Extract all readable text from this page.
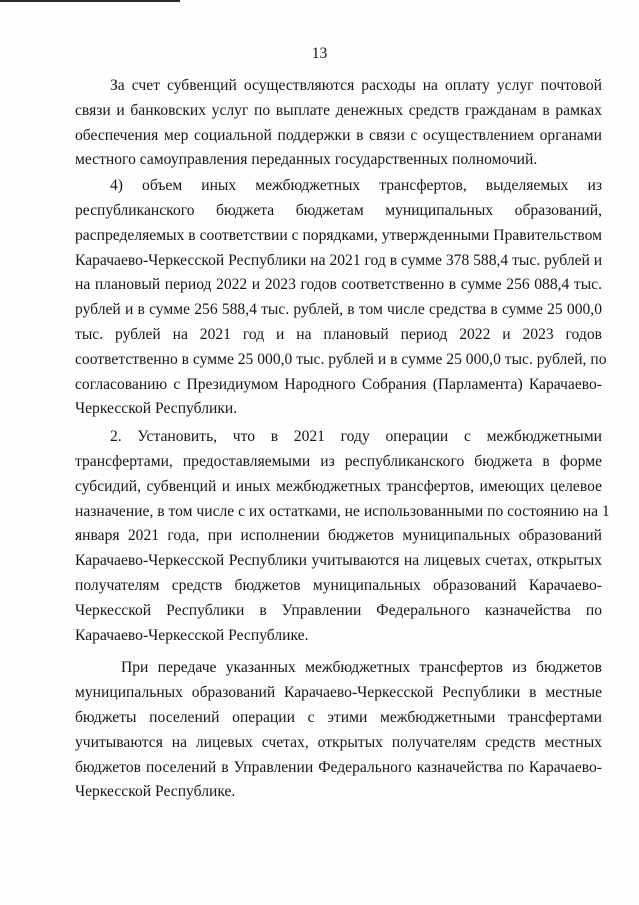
13
За счет субвенций осуществляются расходы на оплату услуг почтовой
связи и банковских услуг по выплате денежных средств гражданам в рамках
обеспечения мер социальной поддержки в связи с осуществлением органами
местного самоуправления переданных государственных полномочий.
4) объем иных межбюджетных трансфертов, выделяемых из
республиканского бюджета бюджетам муниципальных образований,
распределяемых в соответствии с порядками, утвержденными Правительством
Карачаево-Черкесской Республики на 2021 год в сумме 378 588,4 тыс. рублей и
на плановый период 2022 и 2023 годов соответственно в сумме 256 088,4 тыс.
рублей и в сумме 256 588,4 тыс. рублей, в том числе средства в сумме 25 000,0
тыс. рублей на 2021 год и на плановый период 2022 и 2023 годов
соответственно в сумме 25 000,0 тыс. рублей и в сумме 25 000,0 тыс. рублей, по
согласованию с Президиумом Народного Собрания (Парламента) Карачаево-
Черкесской Республики.
2. Установить, что в 2021 году операции с межбюджетными
трансфертами, предоставляемыми из республиканского бюджета в форме
субсидий, субвенций и иных межбюджетных трансфертов, имеющих целевое
назначение, в том числе с их остатками, не использованными по состоянию на 1
января 2021 года, при исполнении бюджетов муниципальных образований
Карачаево-Черкесской Республики учитываются на лицевых счетах, открытых
получателям средств бюджетов муниципальных образований Карачаево-
Черкесской Республики в Управлении Федерального казначейства по
Карачаево-Черкесской Республике.
При передаче указанных межбюджетных трансфертов из бюджетов
муниципальных образований Карачаево-Черкесской Республики в местные
бюджеты поселений операции с этими межбюджетными трансфертами
учитываются на лицевых счетах, открытых получателям средств местных
бюджетов поселений в Управлении Федерального казначейства по Карачаево-
Черкесской Республике.
